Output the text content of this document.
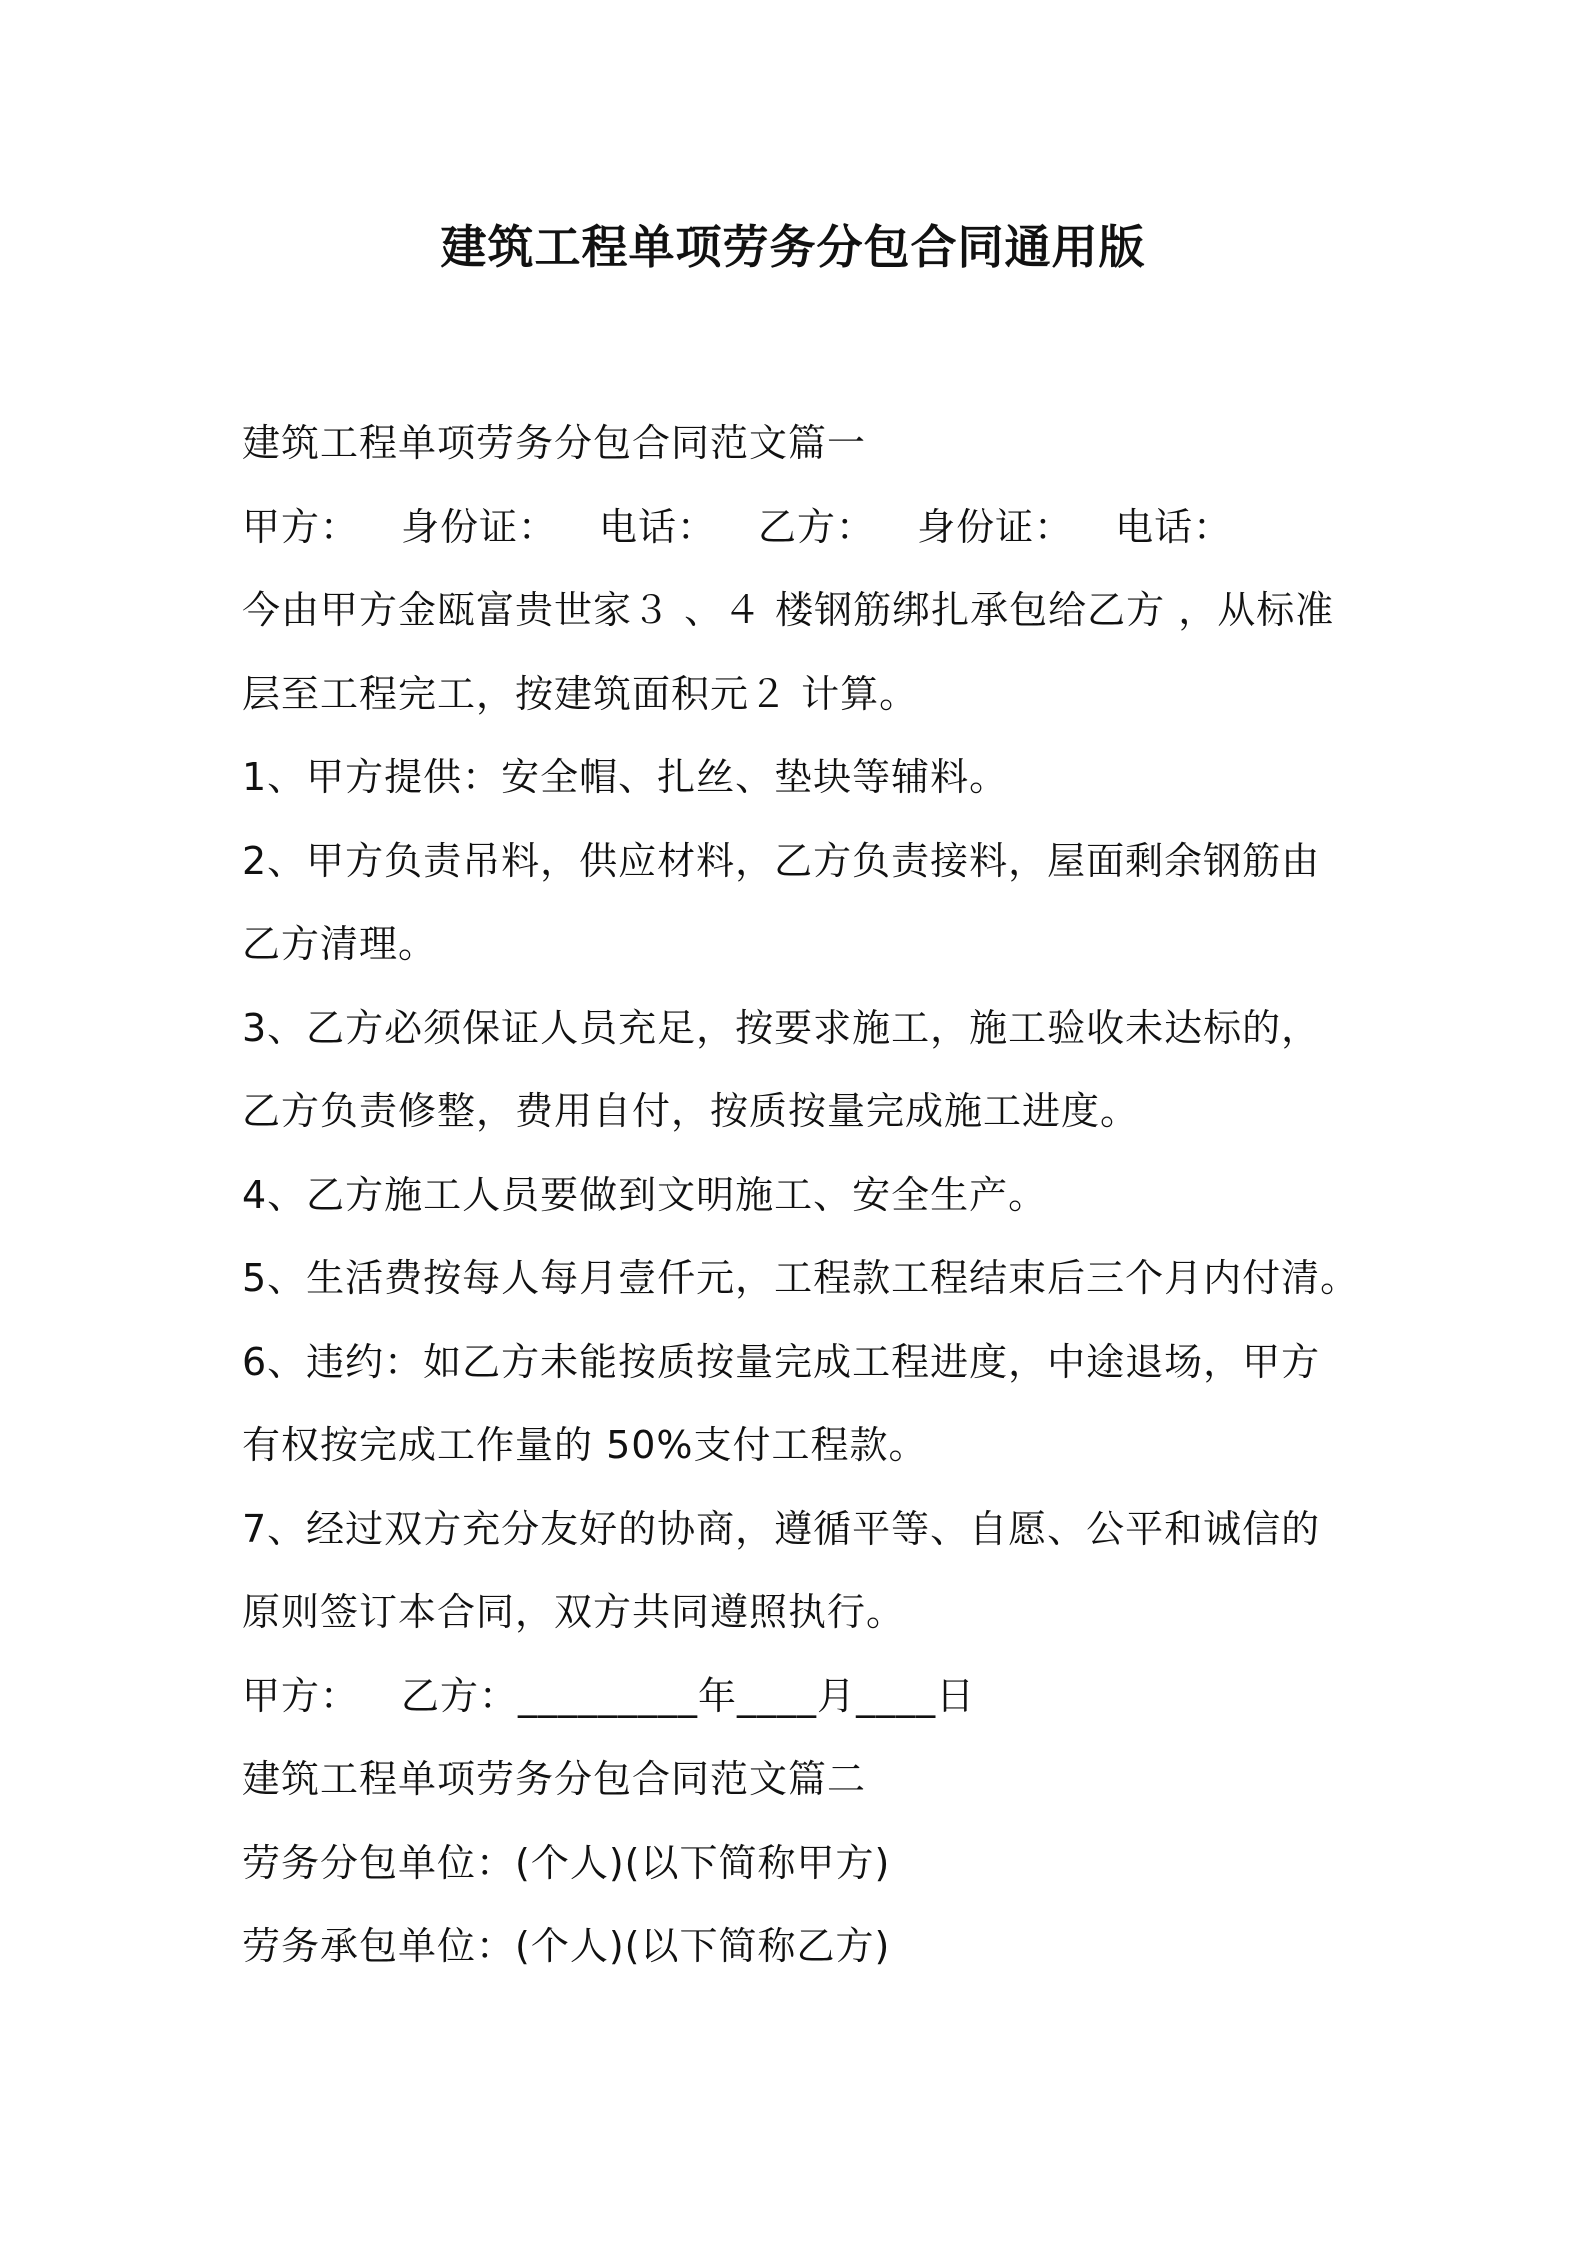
建筑工程单项劳务分包合同通用版

建筑工程单项劳务分包合同范文篇一

甲方： 身份证： 电话： 乙方： 身份证： 电话：

今由甲方金瓯富贵世家３ 、４ 楼钢筋绑扎承包给乙方 ，从标准

层至工程完工，按建筑面积元２ 计算。

1、甲方提供：安全帽、扎丝、垫块等辅料。

2、甲方负责吊料，供应材料，乙方负责接料，屋面剩余钢筋由

乙方清理。

3、乙方必须保证人员充足，按要求施工，施工验收未达标的，

乙方负责修整，费用自付，按质按量完成施工进度。

4、乙方施工人员要做到文明施工、安全生产。

5、生活费按每人每月壹仟元，工程款工程结束后三个月内付清。

6、违约：如乙方未能按质按量完成工程进度，中途退场，甲方

有权按完成工作量的 50%支付工程款。

7、经过双方充分友好的协商，遵循平等、自愿、公平和诚信的

原则签订本合同，双方共同遵照执行。

甲方： 乙方：_________年____月____日

建筑工程单项劳务分包合同范文篇二

劳务分包单位：(个人)(以下简称甲方)

劳务承包单位：(个人)(以下简称乙方)
